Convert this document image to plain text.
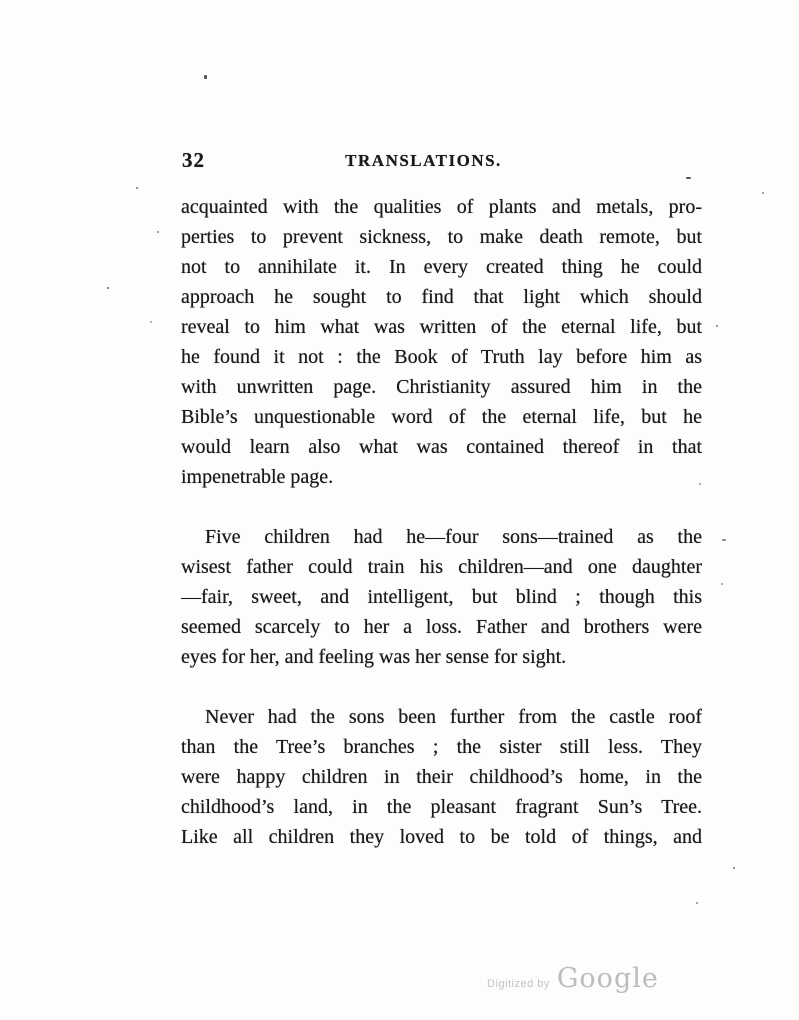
32	TRANSLATIONS.
acquainted with the qualities of plants and metals, pro-
perties to prevent sickness, to make death remote, but
not to annihilate it. In every created thing he could
approach he sought to find that light which should
reveal to him what was written of the eternal life, but
he found it not : the Book of Truth lay before him as
with unwritten page. Christianity assured him in the
Bible’s unquestionable word of the eternal life, but he
would learn also what was contained thereof in that
impenetrable page.
Five children had he—four sons—trained as the
wisest father could train his children—and one daughter
—fair, sweet, and intelligent, but blind ; though this
seemed scarcely to her a loss. Father and brothers were
eyes for her, and feeling was her sense for sight.
Never had the sons been further from the castle roof
than the Tree’s branches ; the sister still less. They
were happy children in their childhood’s home, in the
childhood’s land, in the pleasant fragrant Sun’s Tree.
Like all children they loved to be told of things, and
Digitized by Google
